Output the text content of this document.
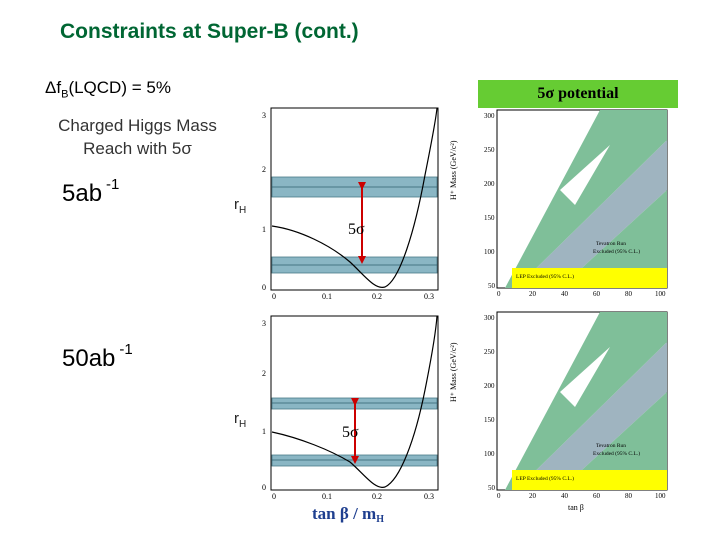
Constraints at Super-B (cont.)
$\Delta f_B(LQCD) = 5\%$
Charged Higgs Mass
Reach with 5σ
5ab $^{-1}$
50ab $^{-1}$
$r_H$
$r_H$
5σ potential
5σ
3
2
1
0
0	0.1	0.2	0.3
5σ
3
2
1
0
0	0.1	0.2	0.3
tan β / mH
Tevatron Run
Excluded (95% C.L.)
LEP Excluded (95% C.L.)
H⁺ Mass (GeV/c²)
300
250
200
150
100
50
0	20	40	60	80	100
Tevatron Run
Excluded (95% C.L.)
LEP Excluded (95% C.L.)
H⁺ Mass (GeV/c²)
300
250
200
150
100
50
0	20	40	60	80	100
tan β
